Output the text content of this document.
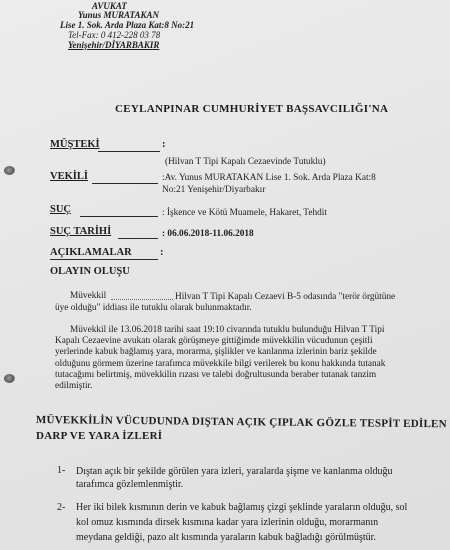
AVUKAT
Yunus MURATAKAN
Lise 1. Sok. Arda Plaza Kat:8 No:21
Tel-Fax: 0 412-228 03 78
Yenişehir/DİYARBAKIR
CEYLANPINAR CUMHURİYET BAŞSAVCILIĞI'NA
MÜŞTEKİ	:
(Hilvan T Tipi Kapalı Cezaevinde Tutuklu)
VEKİLİ	:Av. Yunus MURATAKAN Lise 1. Sok. Arda Plaza Kat:8
No:21 Yenişehir/Diyarbakır
SUÇ	: İşkence ve Kötü Muamele, Hakaret, Tehdit
SUÇ TARİHİ	: 06.06.2018-11.06.2018
AÇIKLAMALAR	:
OLAYIN OLUŞU
Müvekkil	Hilvan T Tipi Kapalı Cezaevi B-5 odasında "terör örgütüne
üye olduğu" iddiası ile tutuklu olarak bulunmaktadır.
Müvekkil ile 13.06.2018 tarihi saat 19:10 civarında tutuklu bulunduğu Hilvan T Tipi
Kapalı Cezaevine avukatı olarak görüşmeye gittiğimde müvekkilin vücudunun çeşitli
yerlerinde kabuk bağlamış yara, morarma, şişlikler ve kanlanma izlerinin bariz şekilde
olduğunu görmem üzerine tarafımca müvekkile bilgi verilerek bu konu hakkında tutanak
tutacağımı belirtmiş, müvekkilin rızası ve talebi doğrultusunda beraber tutanak tanzim
edilmiştir.
MÜVEKKİLİN VÜCUDUNDA DIŞTAN AÇIK ÇIPLAK GÖZLE TESPİT EDİLEN
DARP VE YARA İZLERİ
1- Dıştan açık bir şekilde görülen yara izleri, yaralarda şişme ve kanlanma olduğu
tarafımca gözlemlenmiştir.
2- Her iki bilek kısmının derin ve kabuk bağlamış çizgi şeklinde yaraların olduğu, sol
kol omuz kısmında dirsek kısmına kadar yara izlerinin olduğu, morarmanın
meydana geldiği, pazo alt kısmında yaraların kabuk bağladığı görülmüştür.
